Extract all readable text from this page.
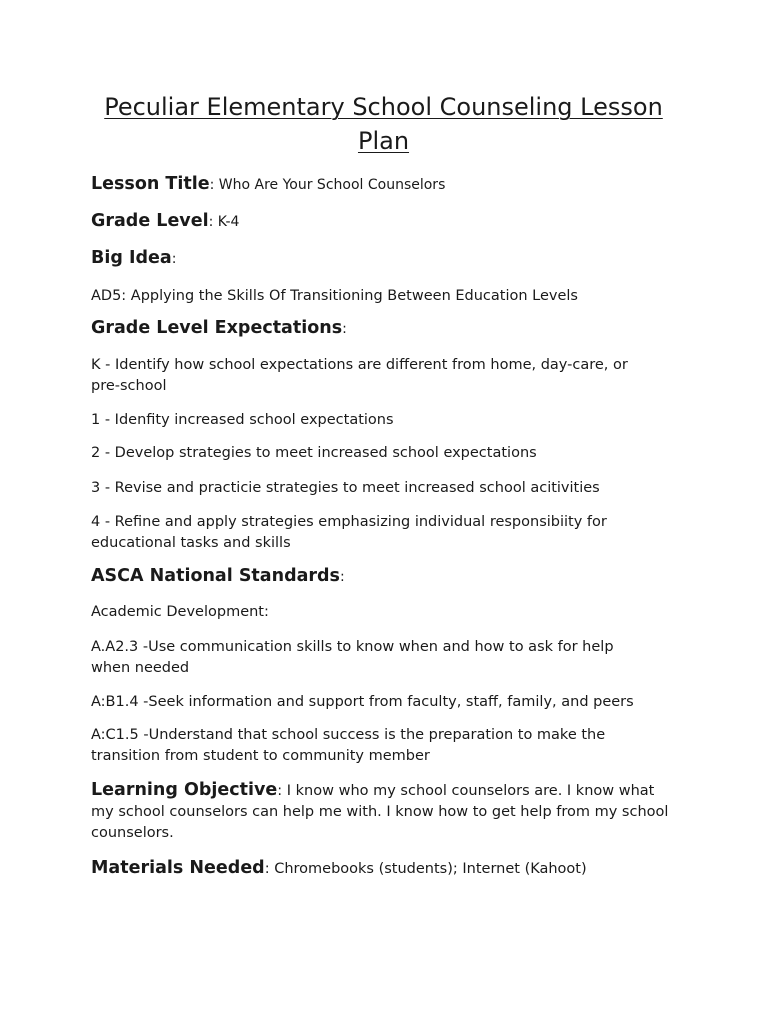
Peculiar Elementary School Counseling Lesson Plan
Lesson Title: Who Are Your School Counselors
Grade Level: K-4
Big Idea:
AD5: Applying the Skills Of Transitioning Between Education Levels
Grade Level Expectations:
K - Identify how school expectations are different from home, day-care, or pre-school
1 - Idenfity increased school expectations
2 - Develop strategies to meet increased school expectations
3 - Revise and practicie strategies to meet increased school acitivities
4 - Refine and apply strategies emphasizing individual responsibiity for educational tasks and skills
ASCA National Standards:
Academic Development:
A.A2.3 -Use communication skills to know when and how to ask for help when needed
A:B1.4 -Seek information and support from faculty, staff, family, and peers
A:C1.5 -Understand that school success is the preparation to make the transition from student to community member
Learning Objective: I know who my school counselors are. I know what my school counselors can help me with. I know how to get help from my school counselors.
Materials Needed: Chromebooks (students); Internet (Kahoot)
